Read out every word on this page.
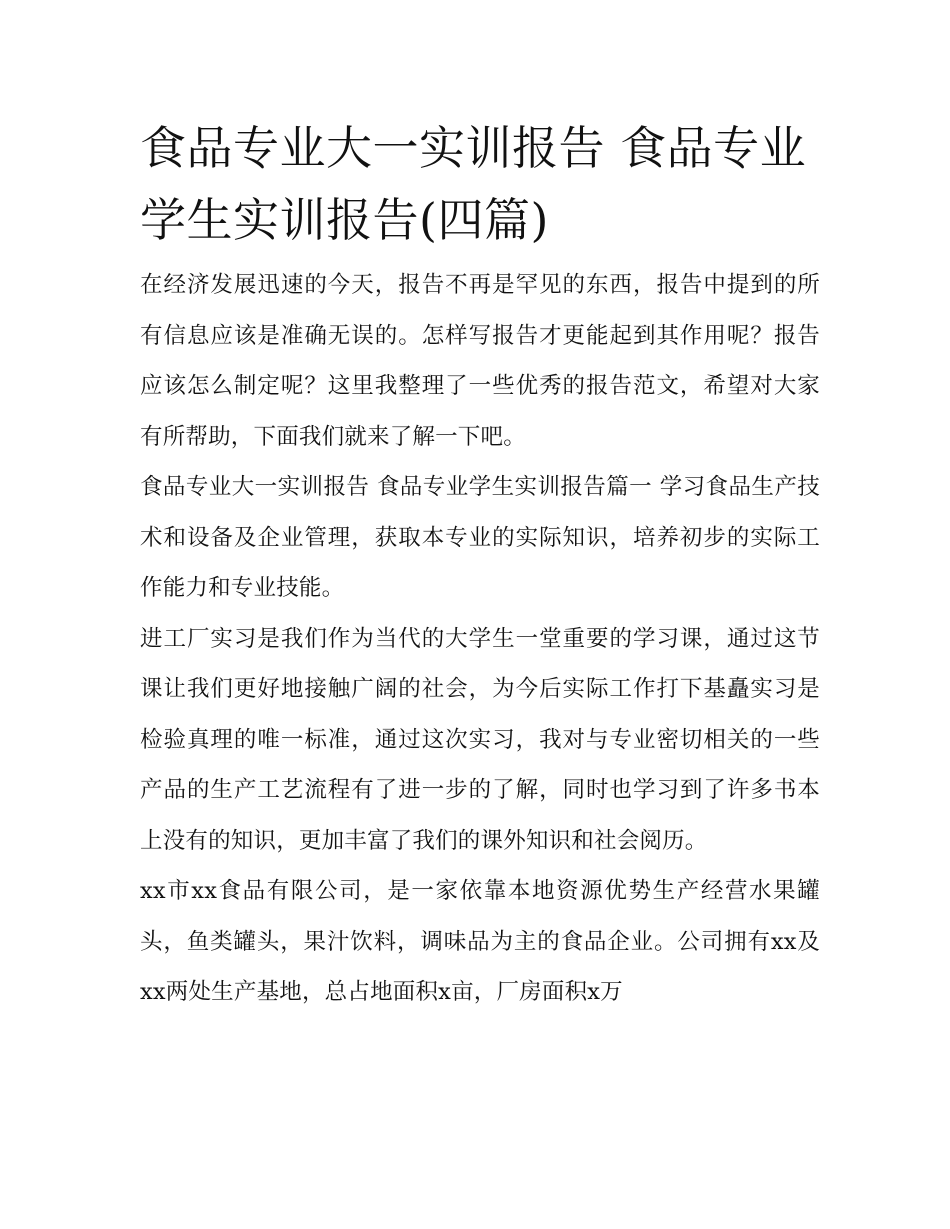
食品专业大一实训报告 食品专业学生实训报告(四篇)

在经济发展迅速的今天，报告不再是罕见的东西，报告中提到的所有信息应该是准确无误的。怎样写报告才更能起到其作用呢？报告应该怎么制定呢？这里我整理了一些优秀的报告范文，希望对大家有所帮助，下面我们就来了解一下吧。

食品专业大一实训报告 食品专业学生实训报告篇一 学习食品生产技术和设备及企业管理，获取本专业的实际知识，培养初步的实际工作能力和专业技能。

进工厂实习是我们作为当代的大学生一堂重要的学习课，通过这节课让我们更好地接触广阔的社会，为今后实际工作打下基矗实习是检验真理的唯一标准，通过这次实习，我对与专业密切相关的一些产品的生产工艺流程有了进一步的了解，同时也学习到了许多书本上没有的知识，更加丰富了我们的课外知识和社会阅历。

xx市xx食品有限公司，是一家依靠本地资源优势生产经营水果罐头，鱼类罐头，果汁饮料，调味品为主的食品企业。公司拥有xx及xx两处生产基地，总占地面积x亩，厂房面积x万
